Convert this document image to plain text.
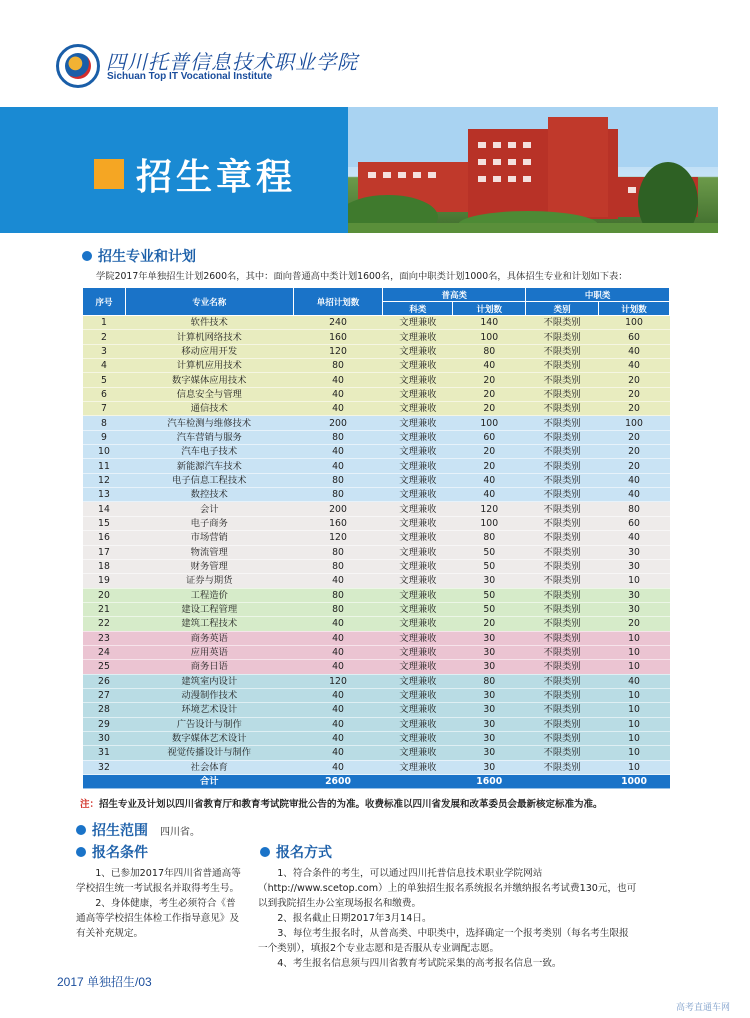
四川托普信息技术职业学院
Sichuan Top IT Vocational Institute
招生章程
招生专业和计划
学院2017年单独招生计划2600名，其中：面向普通高中类计划1600名，面向中职类计划1000名，具体招生专业和计划如下表：
序号	专业名称	单招计划数	普高类		中职类	
			科类	计划数	类别	计划数
1	软件技术	240	文理兼收	140	不限类别	100
2	计算机网络技术	160	文理兼收	100	不限类别	60
3	移动应用开发	120	文理兼收	80	不限类别	40
4	计算机应用技术	80	文理兼收	40	不限类别	40
5	数字媒体应用技术	40	文理兼收	20	不限类别	20
6	信息安全与管理	40	文理兼收	20	不限类别	20
7	通信技术	40	文理兼收	20	不限类别	20
8	汽车检测与维修技术	200	文理兼收	100	不限类别	100
9	汽车营销与服务	80	文理兼收	60	不限类别	20
10	汽车电子技术	40	文理兼收	20	不限类别	20
11	新能源汽车技术	40	文理兼收	20	不限类别	20
12	电子信息工程技术	80	文理兼收	40	不限类别	40
13	数控技术	80	文理兼收	40	不限类别	40
14	会计	200	文理兼收	120	不限类别	80
15	电子商务	160	文理兼收	100	不限类别	60
16	市场营销	120	文理兼收	80	不限类别	40
17	物流管理	80	文理兼收	50	不限类别	30
18	财务管理	80	文理兼收	50	不限类别	30
19	证券与期货	40	文理兼收	30	不限类别	10
20	工程造价	80	文理兼收	50	不限类别	30
21	建设工程管理	80	文理兼收	50	不限类别	30
22	建筑工程技术	40	文理兼收	20	不限类别	20
23	商务英语	40	文理兼收	30	不限类别	10
24	应用英语	40	文理兼收	30	不限类别	10
25	商务日语	40	文理兼收	30	不限类别	10
26	建筑室内设计	120	文理兼收	80	不限类别	40
27	动漫制作技术	40	文理兼收	30	不限类别	10
28	环境艺术设计	40	文理兼收	30	不限类别	10
29	广告设计与制作	40	文理兼收	30	不限类别	10
30	数字媒体艺术设计	40	文理兼收	30	不限类别	10
31	视觉传播设计与制作	40	文理兼收	30	不限类别	10
32	社会体育	40	文理兼收	30	不限类别	10
	合计	2600		1600		1000
注：招生专业及计划以四川省教育厅和教育考试院审批公告的为准。收费标准以四川省发展和改革委员会最新核定标准为准。
招生范围 四川省。
报名条件

1、已参加2017年四川省普通高等学校招生统一考试报名并取得考生号。

2、身体健康，考生必须符合《普通高等学校招生体检工作指导意见》及有关补充规定。

报名方式

1、符合条件的考生，可以通过四川托普信息技术职业学院网站（http://www.scetop.com）上的单独招生报名系统报名并缴纳报名考试费130元，也可以到我院招生办公室现场报名和缴费。

2、报名截止日期2017年3月14日。

3、每位考生报名时，从普高类、中职类中，选择确定一个报考类别（每名考生限报一个类别），填报2个专业志愿和是否服从专业调配志愿。

4、考生报名信息须与四川省教育考试院采集的高考报名信息一致。

2017 单独招生/03
高考直通车网
